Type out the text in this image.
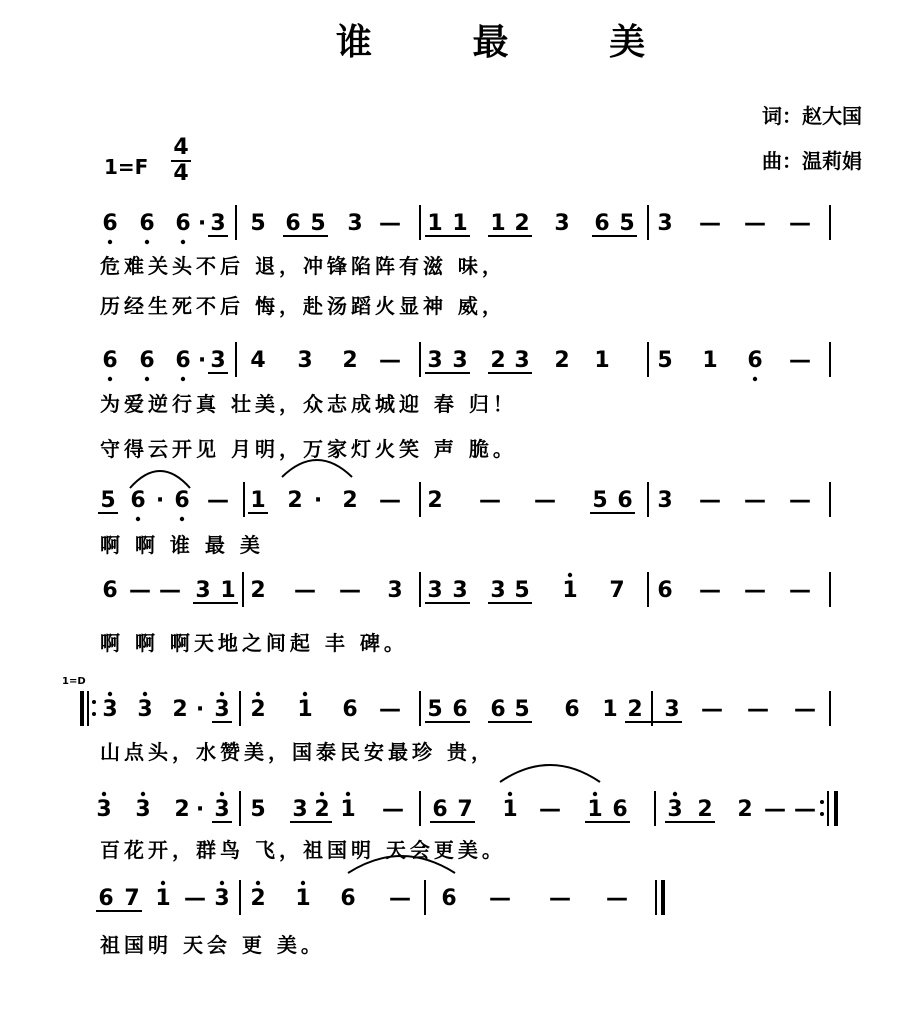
谁 最 美
词：赵大国
曲：温莉娟
1=F
4
4
1=D
6 6 6 · 3 5 6 5 3 — 1 1 1 2 3 6 5 3 — — —
危难关头不后 退，冲锋陷阵有滋 味，
历经生死不后 悔，赴汤蹈火显神 威，
6 6 6 · 3 4 3 2 — 3 3 2 3 2 1 5 1 6 —
为爱逆行真 壮美，众志成城迎 春 归！
守得云开见 月明，万家灯火笑 声 脆。
5 6 · 6 — 1 2 · 2 — 2 — — 5 6 3 — — —
啊 啊 谁 最 美
6 — — 3 1 2 — — 3 3 3 3 5 1 7 6 — — —
啊 啊 啊天地之间起 丰 碑。
3 3 2 · 3 2 1 6 — 5 6 6 5 6 1 2 3 — — —
山点头，水赞美，国泰民安最珍 贵，
3 3 2 · 3 5 3 2 1 — 6 7 1 — 1 6 3 2 2 — —
百花开，群鸟 飞，祖国明 天会更美。
6 7 1 — 3 2 1 6 — 6 — — —
祖国明 天会 更 美。
